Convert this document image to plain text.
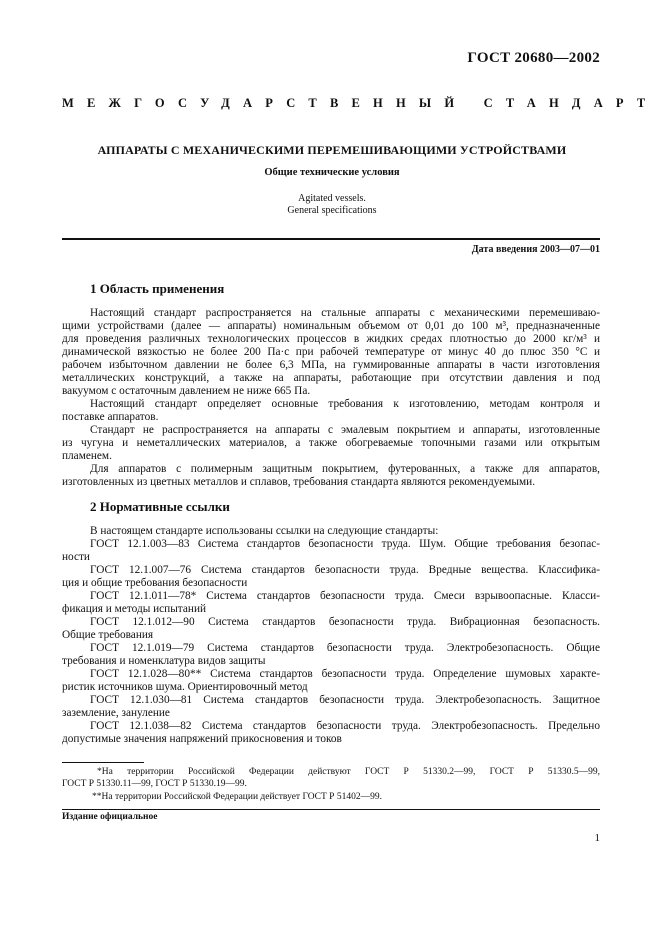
ГОСТ 20680—2002
МЕЖГОСУДАРСТВЕННЫЙ СТАНДАРТ
АППАРАТЫ С МЕХАНИЧЕСКИМИ ПЕРЕМЕШИВАЮЩИМИ УСТРОЙСТВАМИ
Общие технические условия
Agitated vessels.
General specifications
Дата введения 2003—07—01
1 Область применения
Настоящий стандарт распространяется на стальные аппараты с механическими перемешиваю-
щими устройствами (далее — аппараты) номинальным объемом от 0,01 до 100 м³, предназначенные
для проведения различных технологических процессов в жидких средах плотностью до 2000 кг/м³ и
динамической вязкостью не более 200 Па·с при рабочей температуре от минус 40 до плюс 350 °С и
рабочем избыточном давлении не более 6,3 МПа, на гуммированные аппараты в части изготовления
металлических конструкций, а также на аппараты, работающие при отсутствии давления и под
вакуумом с остаточным давлением не ниже 665 Па.
Настоящий стандарт определяет основные требования к изготовлению, методам контроля и
поставке аппаратов.
Стандарт не распространяется на аппараты с эмалевым покрытием и аппараты, изготовленные
из чугуна и неметаллических материалов, а также обогреваемые топочными газами или открытым
пламенем.
Для аппаратов с полимерным защитным покрытием, футерованных, а также для аппаратов,
изготовленных из цветных металлов и сплавов, требования стандарта являются рекомендуемыми.
2 Нормативные ссылки
В настоящем стандарте использованы ссылки на следующие стандарты:
ГОСТ 12.1.003—83 Система стандартов безопасности труда. Шум. Общие требования безопас-
ности
ГОСТ 12.1.007—76 Система стандартов безопасности труда. Вредные вещества. Классифика-
ция и общие требования безопасности
ГОСТ 12.1.011—78* Система стандартов безопасности труда. Смеси взрывоопасные. Класси-
фикация и методы испытаний
ГОСТ 12.1.012—90 Система стандартов безопасности труда. Вибрационная безопасность.
Общие требования
ГОСТ 12.1.019—79 Система стандартов безопасности труда. Электробезопасность. Общие
требования и номенклатура видов защиты
ГОСТ 12.1.028—80** Система стандартов безопасности труда. Определение шумовых характе-
ристик источников шума. Ориентировочный метод
ГОСТ 12.1.030—81 Система стандартов безопасности труда. Электробезопасность. Защитное
заземление, зануление
ГОСТ 12.1.038—82 Система стандартов безопасности труда. Электробезопасность. Предельно
допустимые значения напряжений прикосновения и токов
*На территории Российской Федерации действуют ГОСТ Р 51330.2—99, ГОСТ Р 51330.5—99,
ГОСТ Р 51330.11—99, ГОСТ Р 51330.19—99.
**На территории Российской Федерации действует ГОСТ Р 51402—99.
Издание официальное
1
